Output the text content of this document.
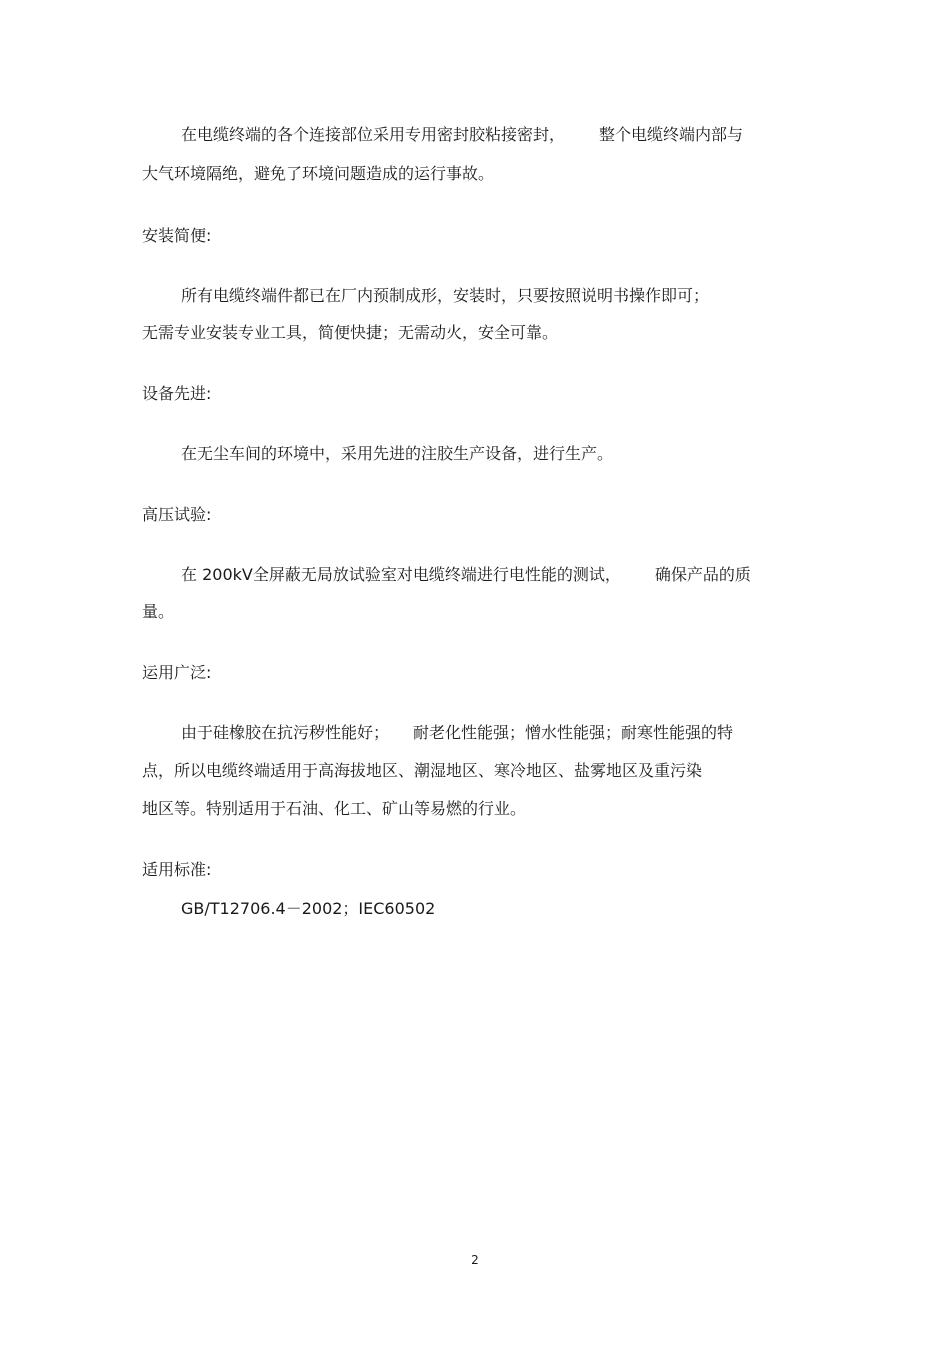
在电缆终端的各个连接部位采用专用密封胶粘接密封， 整个电缆终端内部与
大气环境隔绝，避免了环境问题造成的运行事故。
安装简便:
所有电缆终端件都已在厂内预制成形，安装时，只要按照说明书操作即可；
无需专业安装专业工具，简便快捷；无需动火，安全可靠。
设备先进:
在无尘车间的环境中，采用先进的注胶生产设备，进行生产。
高压试验:
在 200kV全屏蔽无局放试验室对电缆终端进行电性能的测试， 确保产品的质
量。
运用广泛:
由于硅橡胶在抗污秽性能好； 耐老化性能强；憎水性能强；耐寒性能强的特
点，所以电缆终端适用于高海拔地区、潮湿地区、寒冷地区、盐雾地区及重污染
地区等。特别适用于石油、化工、矿山等易燃的行业。
适用标准:
GB/T12706.4－2002；IEC60502
2
